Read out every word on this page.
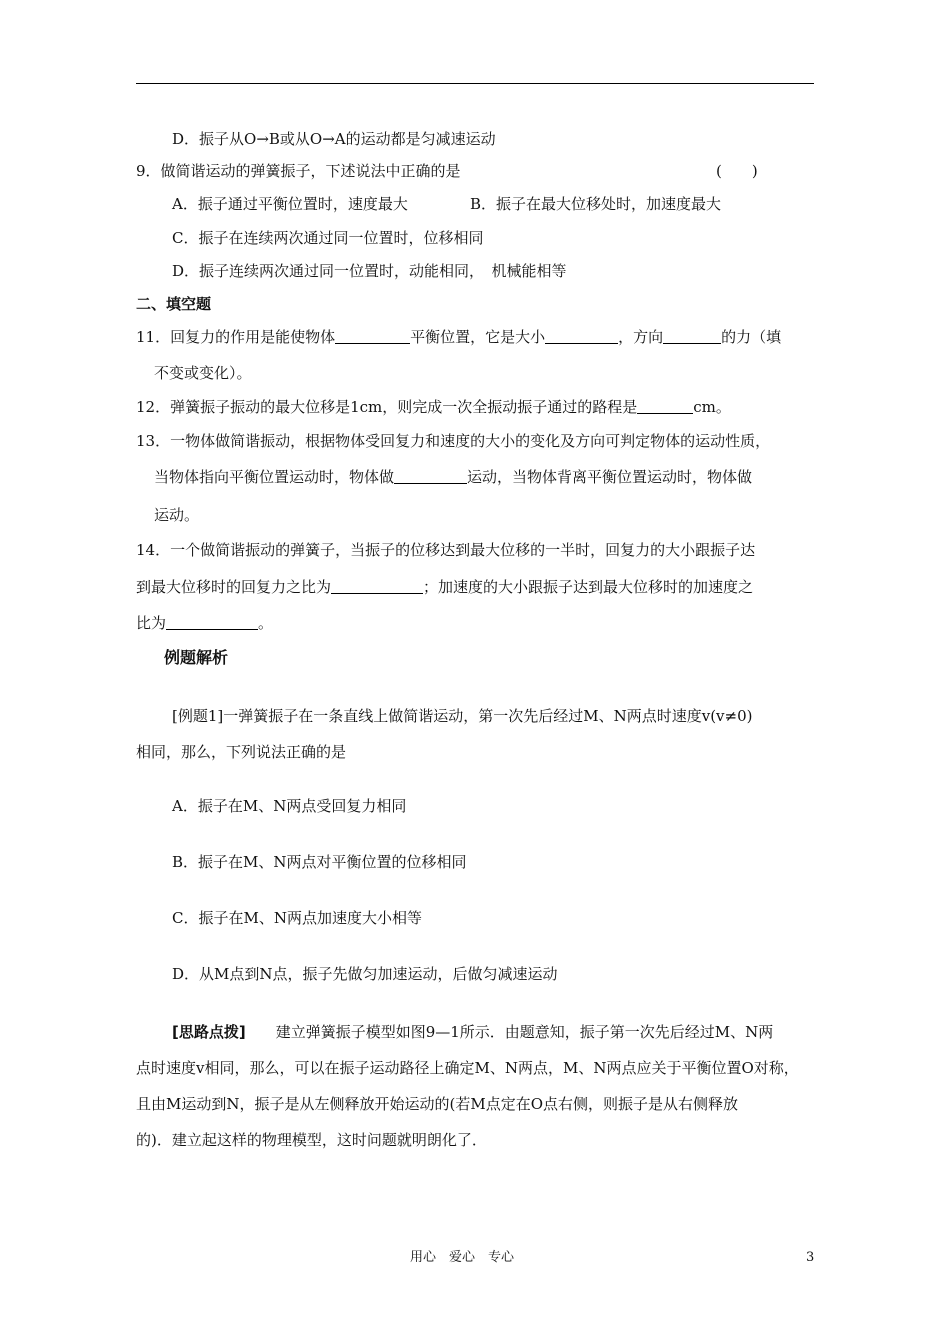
D．振子从O→B或从O→A的运动都是匀减速运动
9．做简谐运动的弹簧振子，下述说法中正确的是	(　　)
A．振子通过平衡位置时，速度最大	B．振子在最大位移处时，加速度最大
C．振子在连续两次通过同一位置时，位移相同
D．振子连续两次通过同一位置时，动能相同，　机械能相等
二、填空题
11．回复力的作用是能使物体	平衡位置，它是大小	，方向	的力（填
不变或变化）。
12．弹簧振子振动的最大位移是1cm，则完成一次全振动振子通过的路程是	cm。
13．一物体做简谐振动，根据物体受回复力和速度的大小的变化及方向可判定物体的运动性质，
当物体指向平衡位置运动时，物体做	运动，当物体背离平衡位置运动时，物体做
运动。
14．一个做简谐振动的弹簧子，当振子的位移达到最大位移的一半时，回复力的大小跟振子达
到最大位移时的回复力之比为	；加速度的大小跟振子达到最大位移时的加速度之
比为	。
例题解析
[例题1]一弹簧振子在一条直线上做简谐运动，第一次先后经过M、N两点时速度v(v≠0)
相同，那么，下列说法正确的是
A．振子在M、N两点受回复力相同
B．振子在M、N两点对平衡位置的位移相同
C．振子在M、N两点加速度大小相等
D．从M点到N点，振子先做匀加速运动，后做匀减速运动
[思路点拨] 建立弹簧振子模型如图9—1所示．由题意知，振子第一次先后经过M、N两
点时速度v相同，那么，可以在振子运动路径上确定M、N两点，M、N两点应关于平衡位置O对称，
且由M运动到N，振子是从左侧释放开始运动的(若M点定在O点右侧，则振子是从右侧释放
的)．建立起这样的物理模型，这时问题就明朗化了．
用心　爱心　专心	3
